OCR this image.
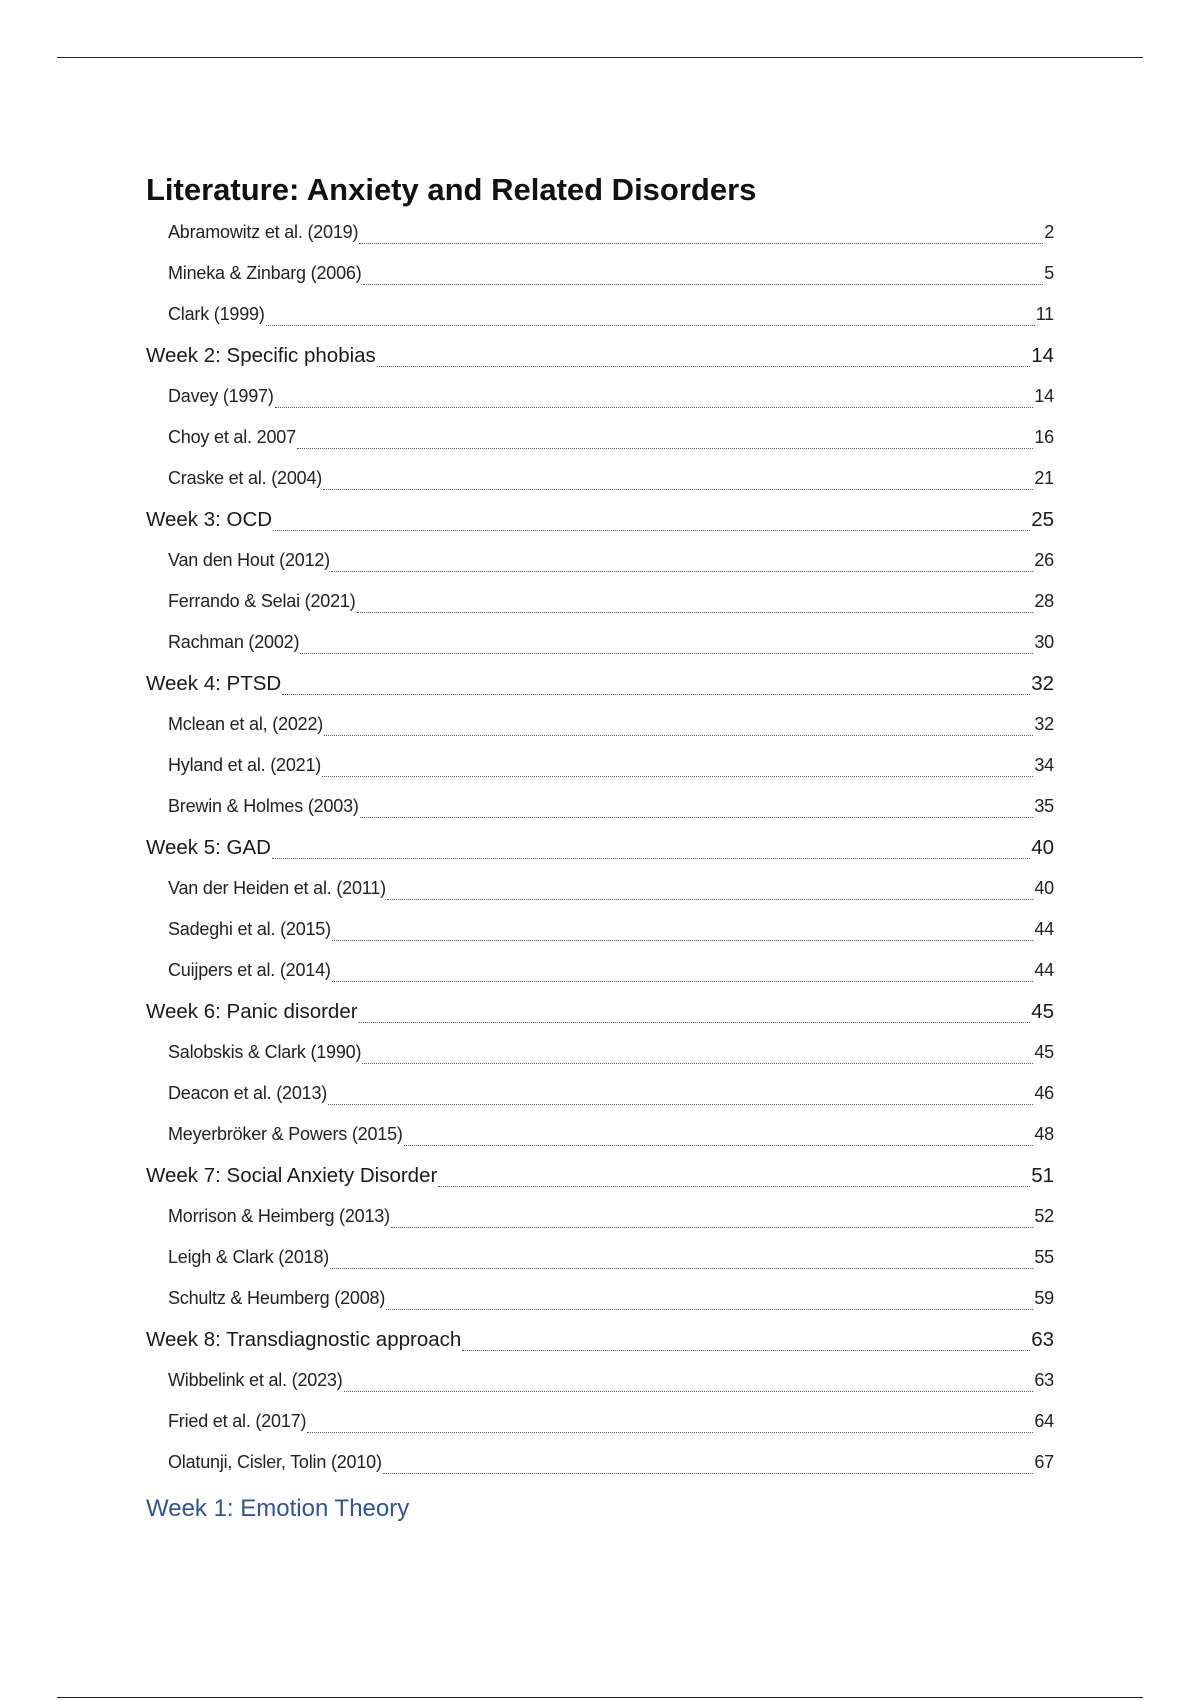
Literature: Anxiety and Related Disorders
Abramowitz et al. (2019)	2
Mineka & Zinbarg (2006)	5
Clark (1999)	11
Week 2: Specific phobias	14
Davey (1997)	14
Choy et al. 2007	16
Craske et al. (2004)	21
Week 3: OCD	25
Van den Hout (2012)	26
Ferrando & Selai (2021)	28
Rachman (2002)	30
Week 4: PTSD	32
Mclean et al, (2022)	32
Hyland et al. (2021)	34
Brewin & Holmes (2003)	35
Week 5: GAD	40
Van der Heiden et al. (2011)	40
Sadeghi et al. (2015)	44
Cuijpers et al. (2014)	44
Week 6: Panic disorder	45
Salobskis & Clark (1990)	45
Deacon et al. (2013)	46
Meyerbröker & Powers (2015)	48
Week 7: Social Anxiety Disorder	51
Morrison & Heimberg (2013)	52
Leigh & Clark (2018)	55
Schultz & Heumberg (2008)	59
Week 8: Transdiagnostic approach	63
Wibbelink et al. (2023)	63
Fried et al. (2017)	64
Olatunji, Cisler, Tolin (2010)	67
Week 1: Emotion Theory
